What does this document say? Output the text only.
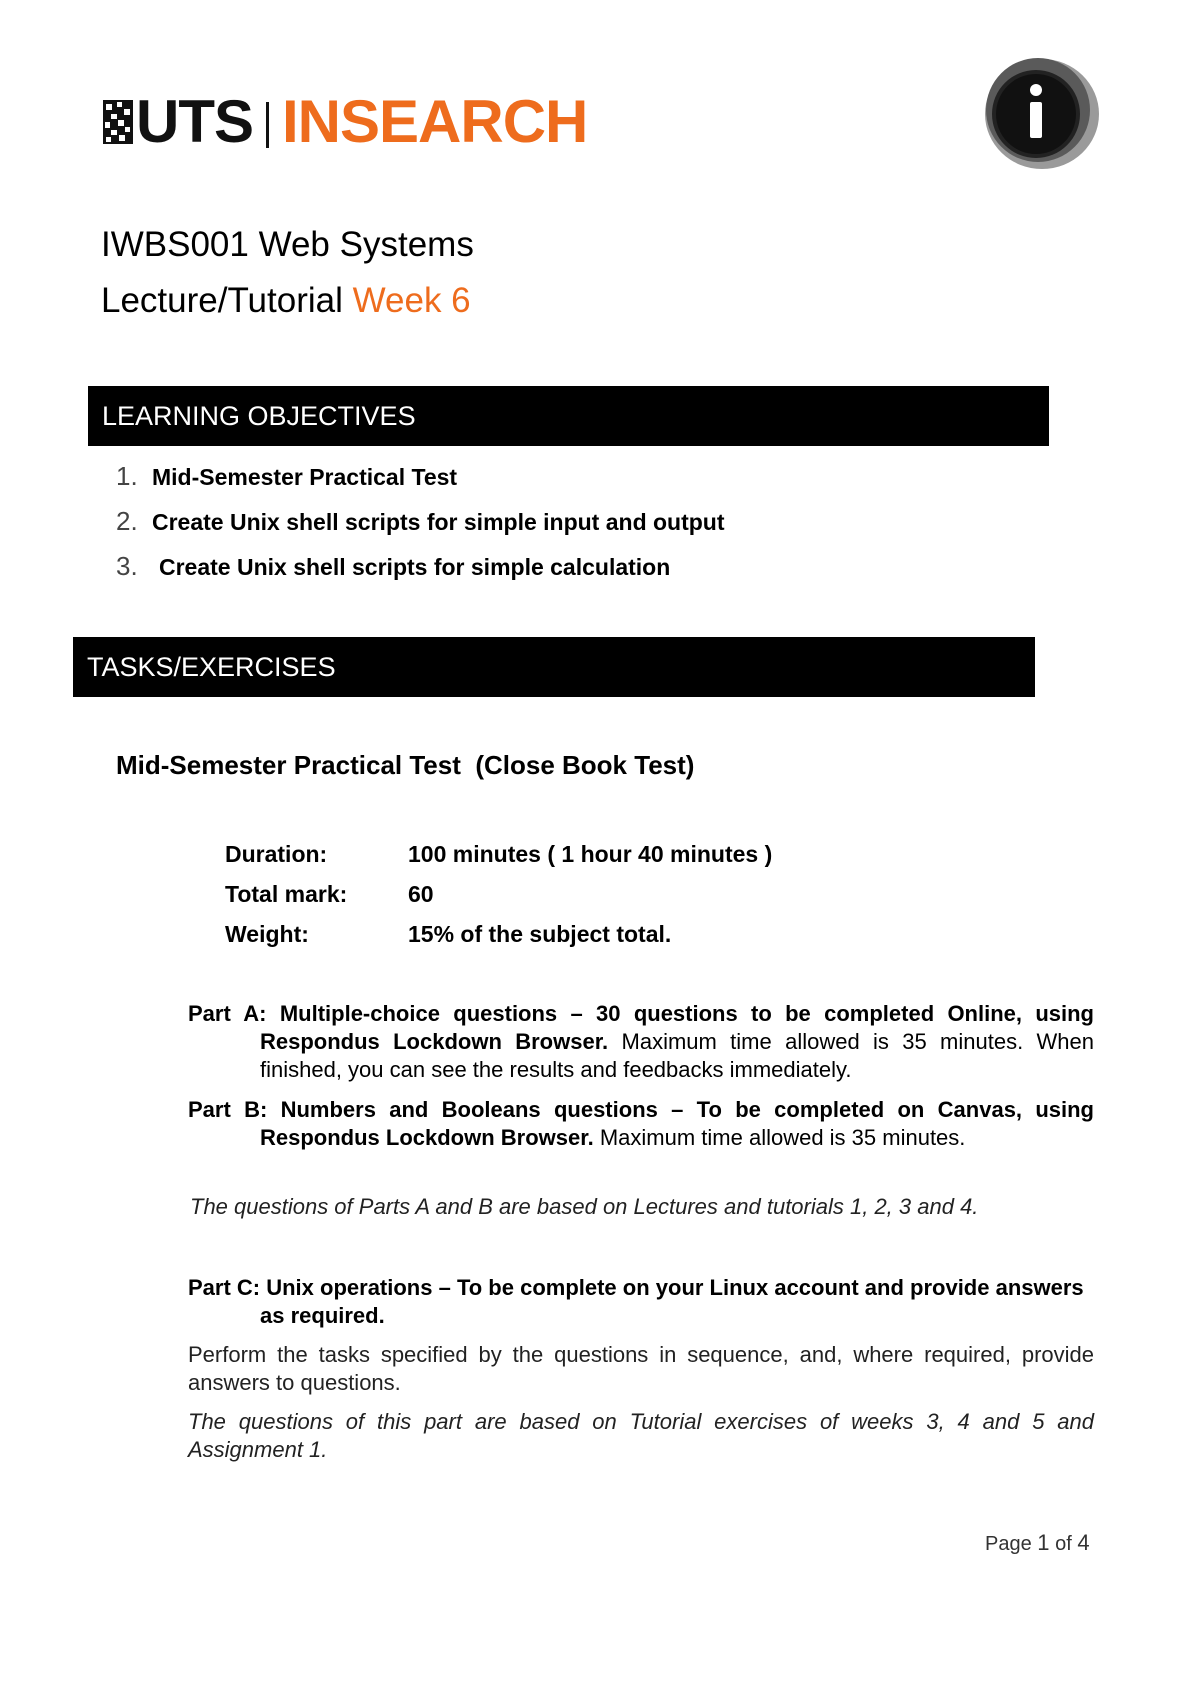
UTS INSEARCH
IWBS001 Web Systems
Lecture/Tutorial Week 6
LEARNING OBJECTIVES
1. Mid-Semester Practical Test
2. Create Unix shell scripts for simple input and output
3. Create Unix shell scripts for simple calculation
TASKS/EXERCISES
Mid-Semester Practical Test  (Close Book Test)
Duration:	100 minutes ( 1 hour 40 minutes )
Total mark:	60
Weight:	15% of the subject total.
Part A: Multiple-choice questions – 30 questions to be completed Online, using Respondus Lockdown Browser. Maximum time allowed is 35 minutes. When finished, you can see the results and feedbacks immediately.
Part B: Numbers and Booleans questions – To be completed on Canvas, using Respondus Lockdown Browser. Maximum time allowed is 35 minutes.
The questions of Parts A and B are based on Lectures and tutorials 1, 2, 3 and 4.
Part C: Unix operations – To be complete on your Linux account and provide answers as required.
Perform the tasks specified by the questions in sequence, and, where required, provide answers to questions.
The questions of this part are based on Tutorial exercises of weeks 3, 4 and 5 and Assignment 1.
Page 1 of 4
